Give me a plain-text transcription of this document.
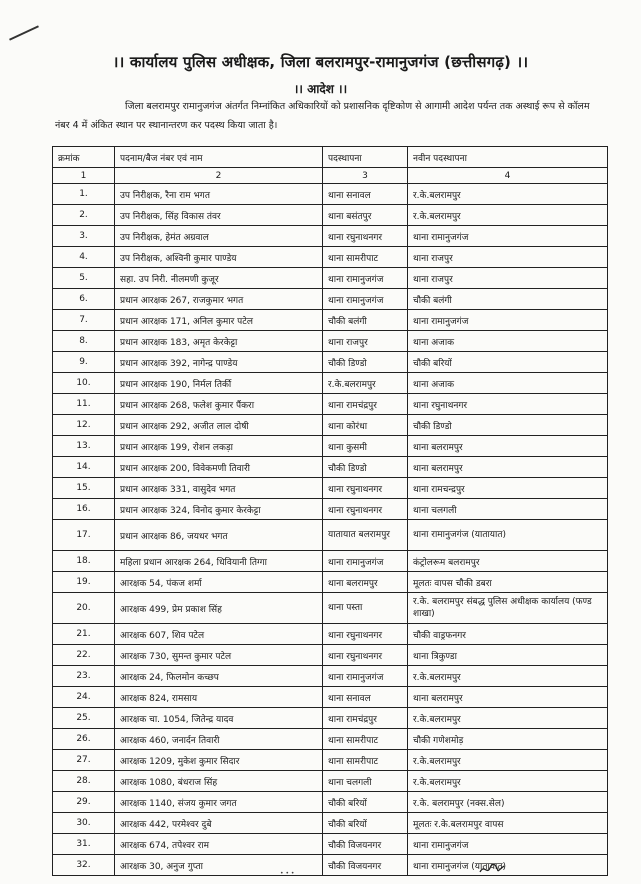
।। कार्यालय पुलिस अधीक्षक, जिला बलरामपुर-रामानुजगंज (छत्तीसगढ़) ।।
।। आदेश ।।
जिला बलरामपुर रामानुजगंज अंतर्गत निम्नांकित अधिकारियों को प्रशासनिक दृष्टिकोण से आगामी आदेश पर्यन्त तक अस्थाई रूप से कॉलम नंबर 4 में अंकित स्थान पर स्थानान्तरण कर पदस्थ किया जाता है।
क्रमांक	पदनाम/बैज नंबर एवं नाम	पदस्थापना	नवीन पदस्थापना
1	2	3	4
1.	उप निरीक्षक, रैना राम भगत	थाना सनावल	र.के.बलरामपुर
2.	उप निरीक्षक, सिंह विकास तंवर	थाना बसंतपुर	र.के.बलरामपुर
3.	उप निरीक्षक, हेमंत अग्रवाल	थाना रघुनाथनगर	थाना रामानुजगंज
4.	उप निरीक्षक, अश्विनी कुमार पाण्डेय	थाना सामरीपाट	थाना राजपुर
5.	सहा. उप निरी. नीलमणी कुजूर	थाना रामानुजगंज	थाना राजपुर
6.	प्रधान आरक्षक 267, राजकुमार भगत	थाना रामानुजगंज	चौकी बलंगी
7.	प्रधान आरक्षक 171, अनिल कुमार पटेल	चौकी बलंगी	थाना रामानुजगंज
8.	प्रधान आरक्षक 183, अमृत केरकेट्टा	थाना राजपुर	थाना अजाक
9.	प्रधान आरक्षक 392, नागेन्द्र पाण्डेय	चौकी डिण्डो	चौकी बरियों
10.	प्रधान आरक्षक 190, निर्मल तिर्की	र.के.बलरामपुर	थाना अजाक
11.	प्रधान आरक्षक 268, फलेश कुमार पैंकरा	थाना रामचंद्रपुर	थाना रघुनाथनगर
12.	प्रधान आरक्षक 292, अजीत लाल दोषी	थाना कोरंधा	चौकी डिण्डो
13.	प्रधान आरक्षक 199, रोशन लकड़ा	थाना कुसमी	थाना बलरामपुर
14.	प्रधान आरक्षक 200, विवेकमणी तिवारी	चौकी डिण्डो	थाना बलरामपुर
15.	प्रधान आरक्षक 331, वासुदेव भगत	थाना रघुनाथनगर	थाना रामचन्द्रपुर
16.	प्रधान आरक्षक 324, विनोद कुमार केरकेट्टा	थाना रघुनाथनगर	थाना चलगली
17.	प्रधान आरक्षक 86, जयधर भगत	यातायात बलरामपुर	थाना रामानुजगंज (यातायात)
18.	महिला प्रधान आरक्षक 264, धिवियानी तिग्गा	थाना रामानुजगंज	कंट्रोलरूम बलरामपुर
19.	आरक्षक 54, पंकज शर्मा	थाना बलरामपुर	मूलतः वापस चौकी डबरा
20.	आरक्षक 499, प्रेम प्रकाश सिंह	थाना पस्ता	र.के. बलरामपुर संबद्ध पुलिस अधीक्षक कार्यालय (फण्ड शाखा)
21.	आरक्षक 607, शिव पटेल	थाना रघुनाथनगर	चौकी वाड्रफनगर
22.	आरक्षक 730, सुमन्त कुमार पटेल	थाना रघुनाथनगर	थाना त्रिकुण्डा
23.	आरक्षक 24, फिलमोन कच्छप	थाना रामानुजगंज	र.के.बलरामपुर
24.	आरक्षक 824, रामसाय	थाना सनावल	थाना बलरामपुर
25.	आरक्षक चा. 1054, जितेन्द्र यादव	थाना रामचंद्रपुर	र.के.बलरामपुर
26.	आरक्षक 460, जनार्दन तिवारी	थाना सामरीपाट	चौकी गणेशमोड़
27.	आरक्षक 1209, मुकेश कुमार सिदार	थाना सामरीपाट	र.के.बलरामपुर
28.	आरक्षक 1080, बंधराज सिंह	थाना चलगली	र.के.बलरामपुर
29.	आरक्षक 1140, संजय कुमार जगत	चौकी बरियों	र.के. बलरामपुर (नक्स.सेल)
30.	आरक्षक 442, परमेश्वर दुबे	चौकी बरियों	मूलतः र.के.बलरामपुर वापस
31.	आरक्षक 674, तपेश्वर राम	चौकी विजयनगर	थाना रामानुजगंज
32.	आरक्षक 30, अनुज गुप्ता	चौकी विजयनगर	थाना रामानुजगंज (यातायात)
• • •
